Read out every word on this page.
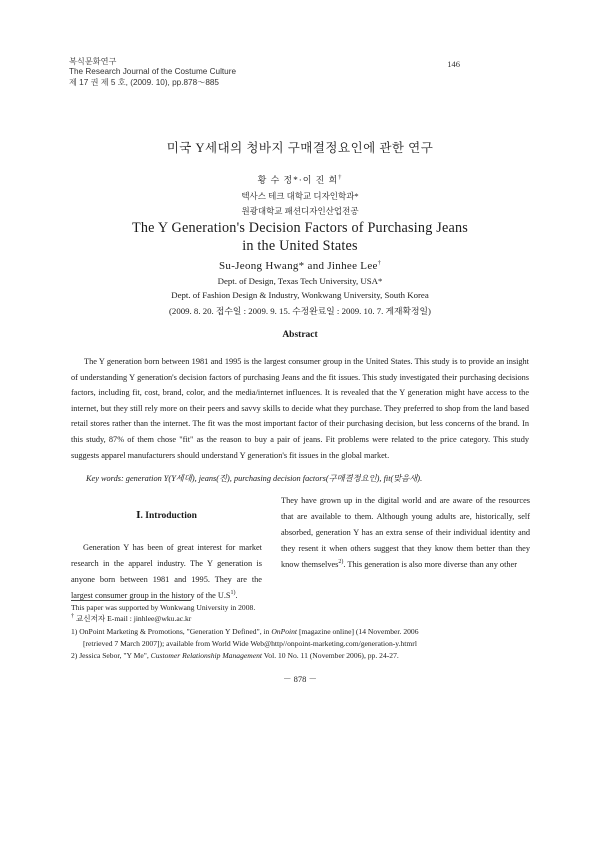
복식문화연구
The Research Journal of the Costume Culture
제 17 권 제 5 호, (2009. 10), pp.878～885
146
미국 Y세대의 청바지 구매결정요인에 관한 연구
황 수 정*·이 진 희†
텍사스 테크 대학교 디자인학과*
원광대학교 패션디자인산업전공
The Y Generation's Decision Factors of Purchasing Jeans
in the United States
Su-Jeong Hwang* and Jinhee Lee†
Dept. of Design, Texas Tech University, USA*
Dept. of Fashion Design & Industry, Wonkwang University, South Korea
(2009. 8. 20. 접수일 : 2009. 9. 15. 수정완료일 : 2009. 10. 7. 게재확정일)
Abstract

The Y generation born between 1981 and 1995 is the largest consumer group in the United States. This study is to provide an insight of understanding Y generation's decision factors of purchasing Jeans and the fit issues. This study investigated their purchasing decisions factors, including fit, cost, brand, color, and the media/internet influences. It is revealed that the Y generation might have access to the internet, but they still rely more on their peers and savvy skills to decide what they purchase. They preferred to shop from the land based retail stores rather than the internet. The fit was the most important factor of their purchasing decision, but less concerns of the brand. In this study, 87% of them chose "fit" as the reason to buy a pair of jeans. Fit problems were related to the price category. This study suggests apparel manufacturers should understand Y generation's fit issues in the global market.

Key words: generation Y(Y세대), jeans(진), purchasing decision factors(구매결정요인), fit(맞음새).
Ⅰ. Introduction

Generation Y has been of great interest for market research in the apparel industry. The Y generation is anyone born between 1981 and 1995. They are the largest consumer group in the history of the $U.S^{1)}$.

They have grown up in the digital world and are aware of the resources that are available to them. Although young adults are, historically, self absorbed, generation Y has an extra sense of their individual identity and they resent it when others suggest that they know them better than they know themselves$^{2)}$. This generation is also more diverse than any other

This paper was supported by Wonkwang University in 2008.
† 교신저자 E-mail : jinhlee@wku.ac.kr
1) OnPoint Marketing & Promotions, "Generation Y Defined", in OnPoint [magazine online] (14 November. 2006
[retrieved 7 March 2007]); available from World Wide Web@http//onpoint-marketing.com/generation-y.htmrl
2) Jessica Sebor, "Y Me", Customer Relationship Management Vol. 10 No. 11 (November 2006), pp. 24-27.
－ 878 －
